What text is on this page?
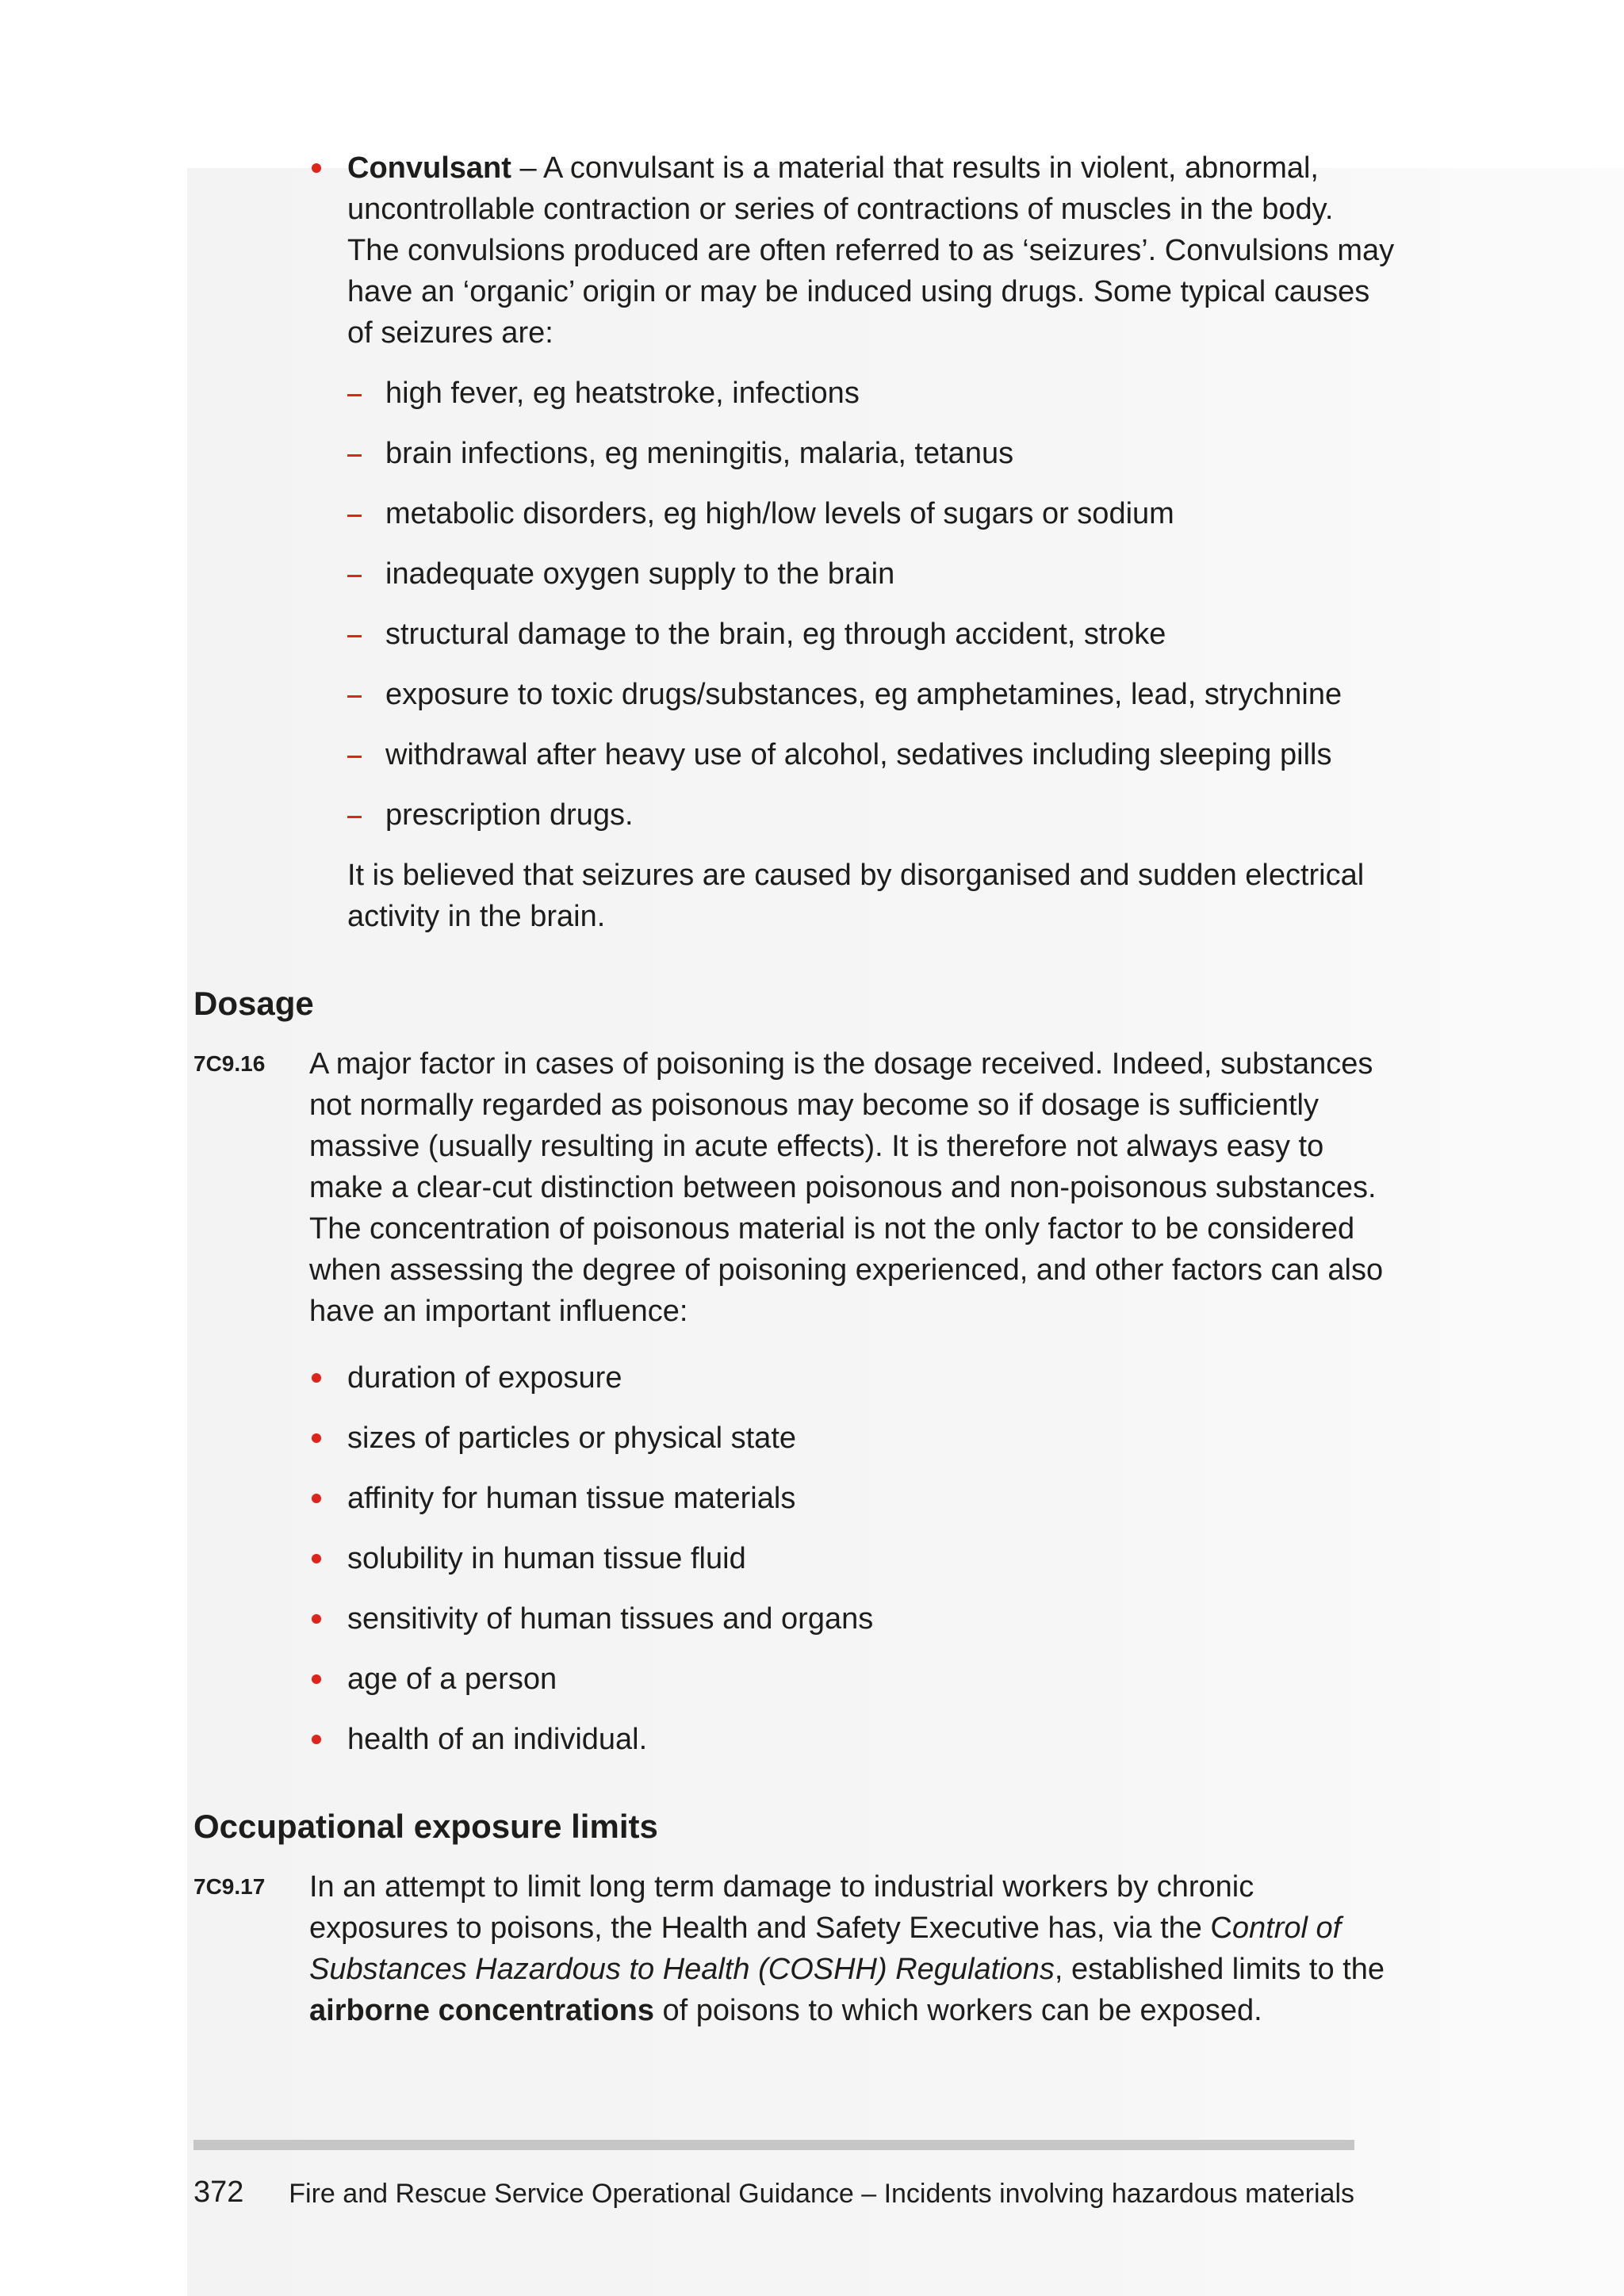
Convulsant – A convulsant is a material that results in violent, abnormal,
uncontrollable contraction or series of contractions of muscles in the body.
The convulsions produced are often referred to as ‘seizures’. Convulsions may
have an ‘organic’ origin or may be induced using drugs. Some typical causes
of seizures are:
high fever, eg heatstroke, infections
brain infections, eg meningitis, malaria, tetanus
metabolic disorders, eg high/low levels of sugars or sodium
inadequate oxygen supply to the brain
structural damage to the brain, eg through accident, stroke
exposure to toxic drugs/substances, eg amphetamines, lead, strychnine
withdrawal after heavy use of alcohol, sedatives including sleeping pills
prescription drugs.
It is believed that seizures are caused by disorganised and sudden electrical
activity in the brain.
Dosage
7C9.16 A major factor in cases of poisoning is the dosage received. Indeed, substances
not normally regarded as poisonous may become so if dosage is sufficiently
massive (usually resulting in acute effects). It is therefore not always easy to
make a clear-cut distinction between poisonous and non-poisonous substances.
The concentration of poisonous material is not the only factor to be considered
when assessing the degree of poisoning experienced, and other factors can also
have an important influence:
duration of exposure
sizes of particles or physical state
affinity for human tissue materials
solubility in human tissue fluid
sensitivity of human tissues and organs
age of a person
health of an individual.
Occupational exposure limits
7C9.17 In an attempt to limit long term damage to industrial workers by chronic
exposures to poisons, the Health and Safety Executive has, via the Control of
Substances Hazardous to Health (COSHH) Regulations, established limits to the
airborne concentrations of poisons to which workers can be exposed.
372 Fire and Rescue Service Operational Guidance – Incidents involving hazardous materials
